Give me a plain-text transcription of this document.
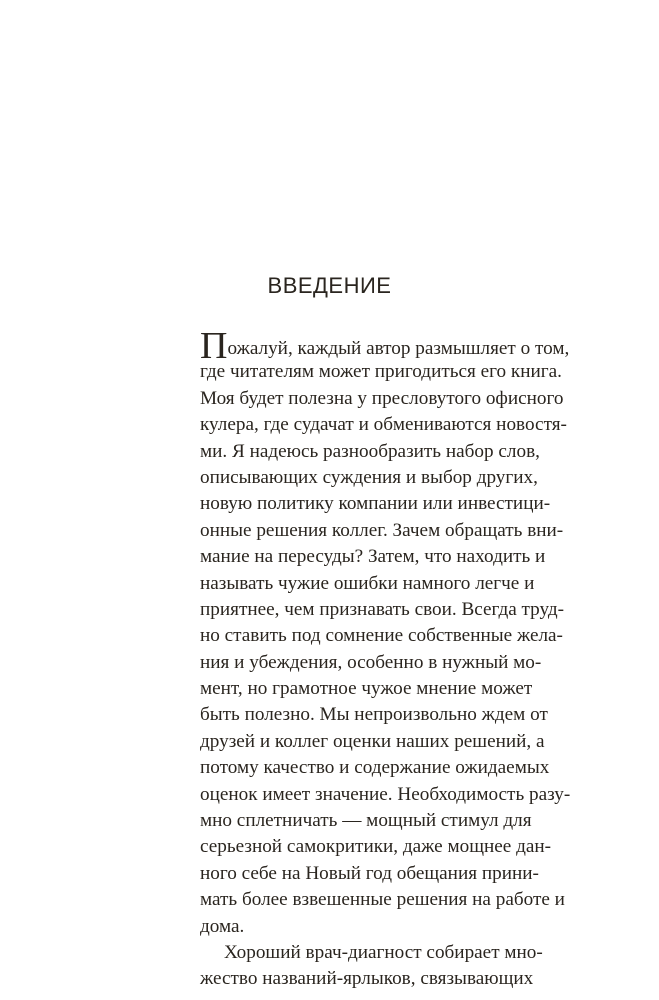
ВВЕДЕНИЕ
Пожалуй, каждый автор размышляет о том,
где читателям может пригодиться его книга.
Моя будет полезна у пресловутого офисного
кулера, где судачат и обмениваются новостя-
ми. Я надеюсь разнообразить набор слов,
описывающих суждения и выбор других,
новую политику компании или инвестици-
онные решения коллег. Зачем обращать вни-
мание на пересуды? Затем, что находить и
называть чужие ошибки намного легче и
приятнее, чем признавать свои. Всегда труд-
но ставить под сомнение собственные жела-
ния и убеждения, особенно в нужный мо-
мент, но грамотное чужое мнение может
быть полезно. Мы непроизвольно ждем от
друзей и коллег оценки наших решений, а
потому качество и содержание ожидаемых
оценок имеет значение. Необходимость разу-
мно сплетничать — мощный стимул для
серьезной самокритики, даже мощнее дан-
ного себе на Новый год обещания прини-
мать более взвешенные решения на работе и
дома.
Хороший врач-диагност собирает мно-
жество названий-ярлыков, связывающих
